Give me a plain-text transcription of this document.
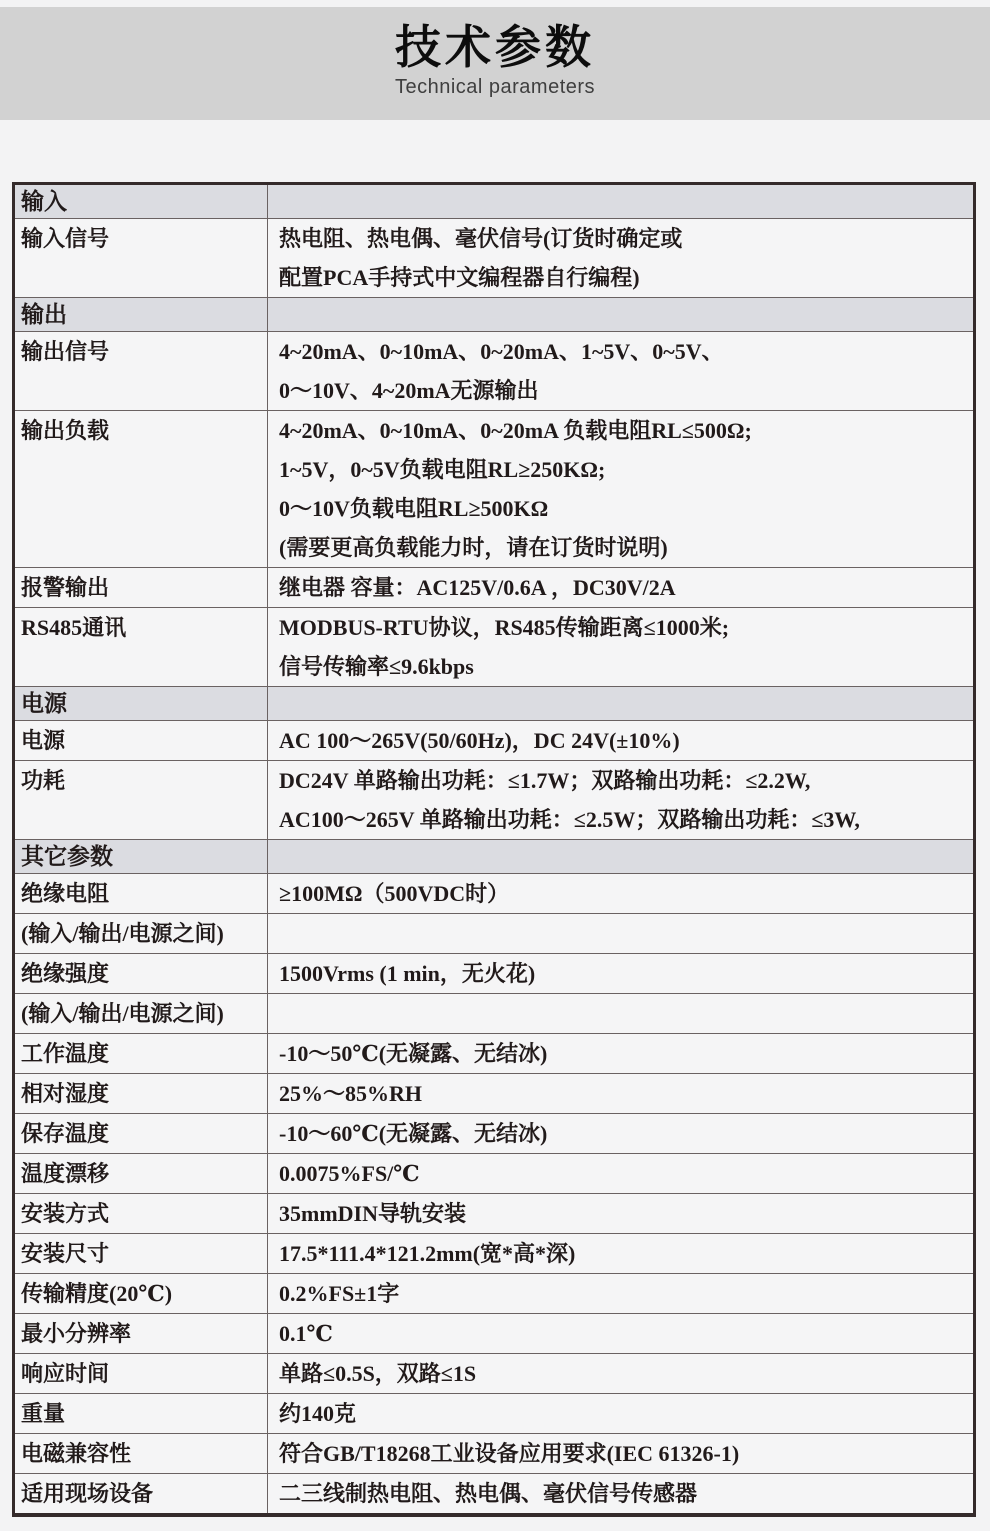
技术参数
Technical parameters
输入
输入信号	热电阻、热电偶、毫伏信号(订货时确定或
配置PCA手持式中文编程器自行编程)
输出
输出信号	4~20mA、0~10mA、0~20mA、1~5V、0~5V、
0～10V、4~20mA无源输出
输出负载	4~20mA、0~10mA、0~20mA 负载电阻RL≤500Ω;
1~5V，0~5V负载电阻RL≥250KΩ;
0～10V负载电阻RL≥500KΩ
(需要更高负载能力时，请在订货时说明)
报警输出	继电器 容量：AC125V/0.6A ，DC30V/2A
RS485通讯	MODBUS-RTU协议，RS485传输距离≤1000米;
信号传输率≤9.6kbps
电源
电源	AC 100～265V(50/60Hz)，DC 24V(±10%)
功耗	DC24V 单路输出功耗：≤1.7W；双路输出功耗：≤2.2W,
AC100～265V 单路输出功耗：≤2.5W；双路输出功耗：≤3W,
其它参数
绝缘电阻	≥100MΩ（500VDC时）
(输入/输出/电源之间)
绝缘强度	1500Vrms (1 min，无火花)
(输入/输出/电源之间)
工作温度	-10～50℃(无凝露、无结冰)
相对湿度	25%～85%RH
保存温度	-10～60℃(无凝露、无结冰)
温度漂移	0.0075%FS/℃
安装方式	35mmDIN导轨安装
安装尺寸	17.5*111.4*121.2mm(宽*高*深)
传输精度(20℃)	0.2%FS±1字
最小分辨率	0.1℃
响应时间	单路≤0.5S，双路≤1S
重量	约140克
电磁兼容性	符合GB/T18268工业设备应用要求(IEC 61326-1)
适用现场设备	二三线制热电阻、热电偶、毫伏信号传感器
